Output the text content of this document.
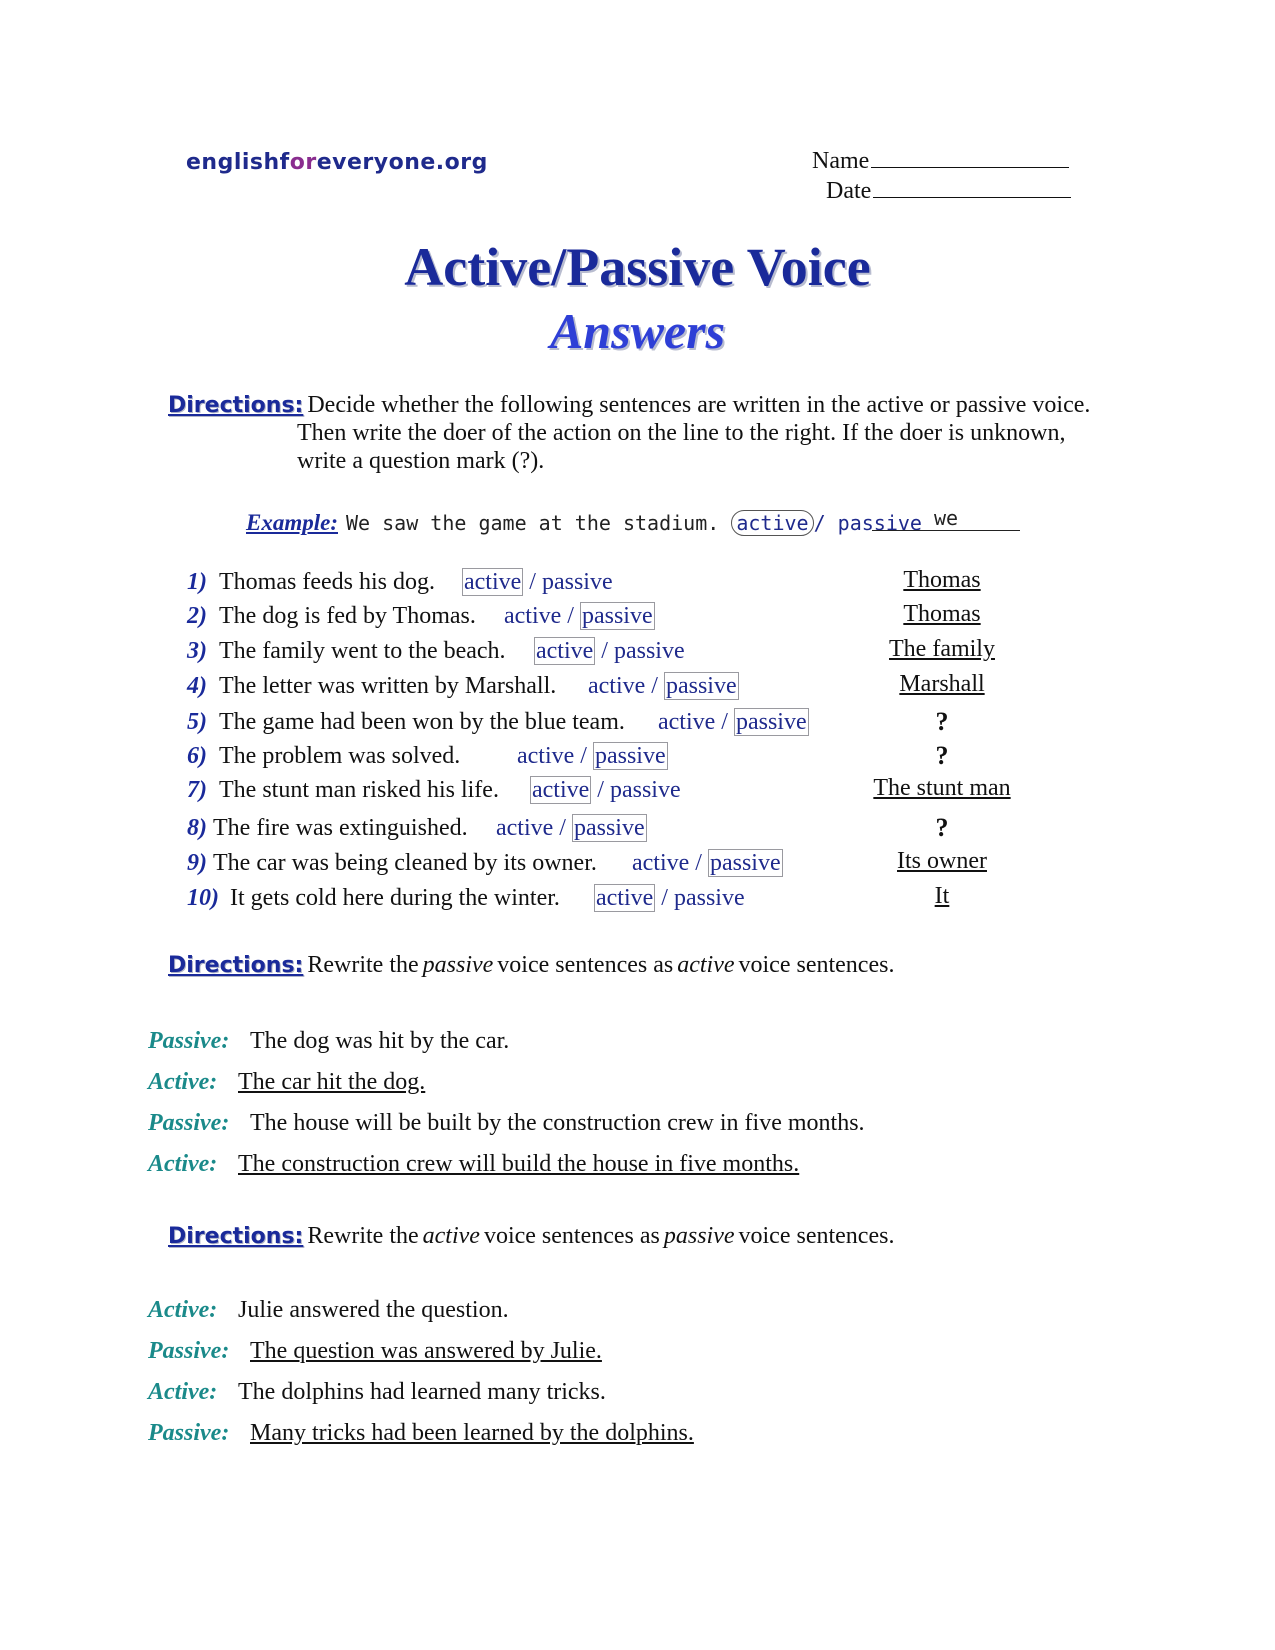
englishforeveryone.org	Name
Date
Active/Passive Voice
Answers
Directions: Decide whether the following sentences are written in the active or passive voice.
Then write the doer of the action on the line to the right. If the doer is unknown,
write a question mark (?).
Example: We saw the game at the stadium. active / passive we
1) Thomas feeds his dog. active / passive	Thomas
2) The dog is fed by Thomas. active / passive	Thomas
3) The family went to the beach. active / passive	The family
4) The letter was written by Marshall. active / passive	Marshall
5) The game had been won by the blue team. active / passive	?
6) The problem was solved. active / passive	?
7) The stunt man risked his life. active / passive	The stunt man
8) The fire was extinguished. active / passive	?
9) The car was being cleaned by its owner. active / passive	Its owner
10) It gets cold here during the winter. active / passive	It
Directions: Rewrite the passive voice sentences as active voice sentences.
Passive: The dog was hit by the car.
Active: The car hit the dog.
Passive: The house will be built by the construction crew in five months.
Active: The construction crew will build the house in five months.
Directions: Rewrite the active voice sentences as passive voice sentences.
Active: Julie answered the question.
Passive: The question was answered by Julie.
Active: The dolphins had learned many tricks.
Passive: Many tricks had been learned by the dolphins.
